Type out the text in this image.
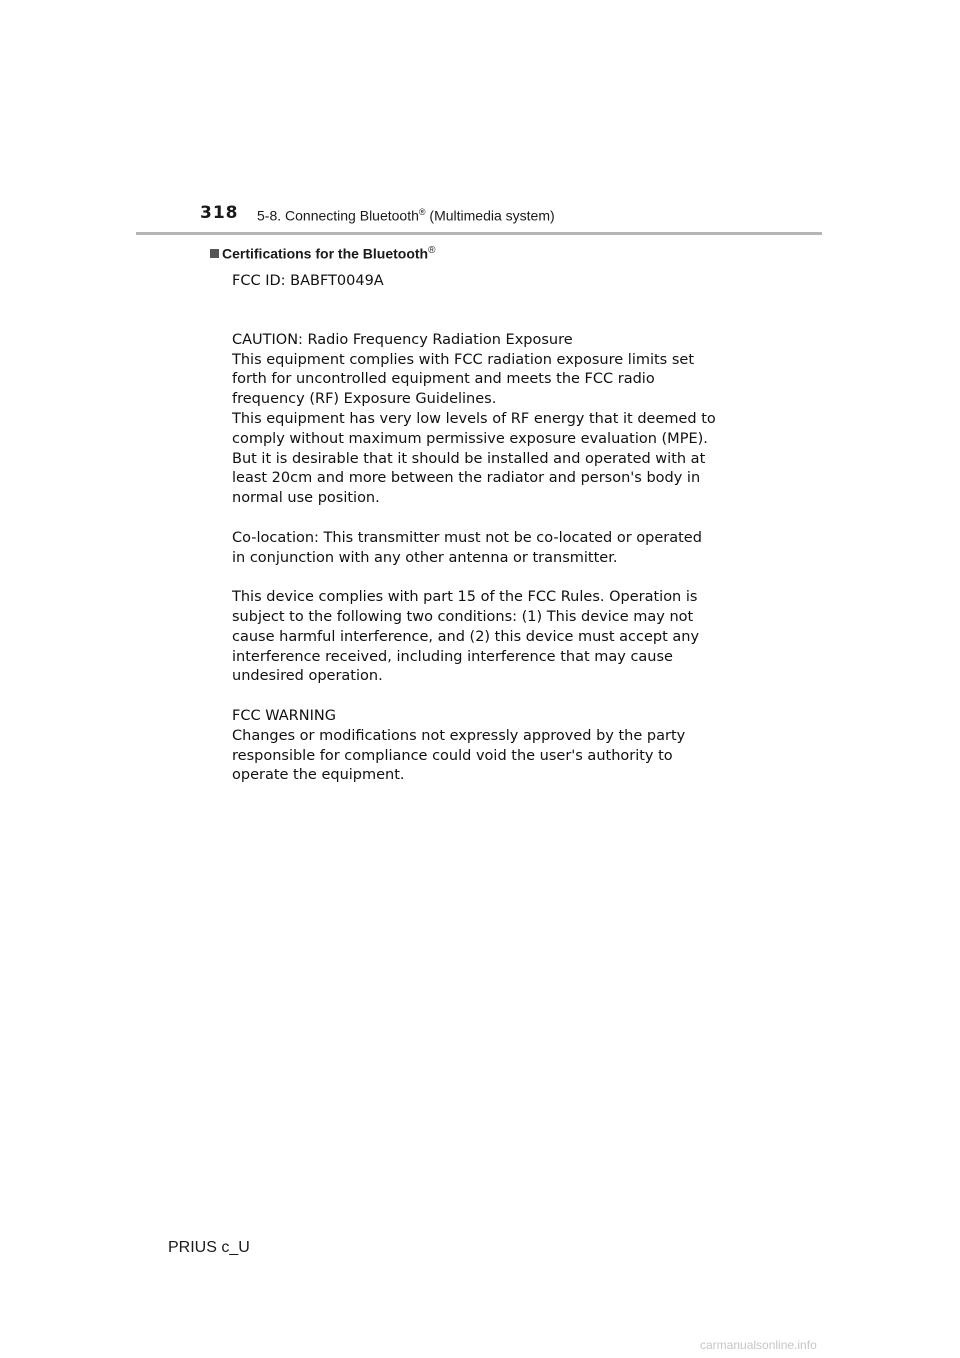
318 5-8. Connecting Bluetooth® (Multimedia system)
Certifications for the Bluetooth®

FCC ID: BABFT0049A

CAUTION: Radio Frequency Radiation Exposure

This equipment complies with FCC radiation exposure limits set

forth for uncontrolled equipment and meets the FCC radio

frequency (RF) Exposure Guidelines.

This equipment has very low levels of RF energy that it deemed to

comply without maximum permissive exposure evaluation (MPE).

But it is desirable that it should be installed and operated with at

least 20cm and more between the radiator and person's body in

normal use position.

Co-location: This transmitter must not be co-located or operated

in conjunction with any other antenna or transmitter.

This device complies with part 15 of the FCC Rules. Operation is

subject to the following two conditions: (1) This device may not

cause harmful interference, and (2) this device must accept any

interference received, including interference that may cause

undesired operation.

FCC WARNING

Changes or modifications not expressly approved by the party

responsible for compliance could void the user's authority to

operate the equipment.

PRIUS c_U
carmanualsonline.info
